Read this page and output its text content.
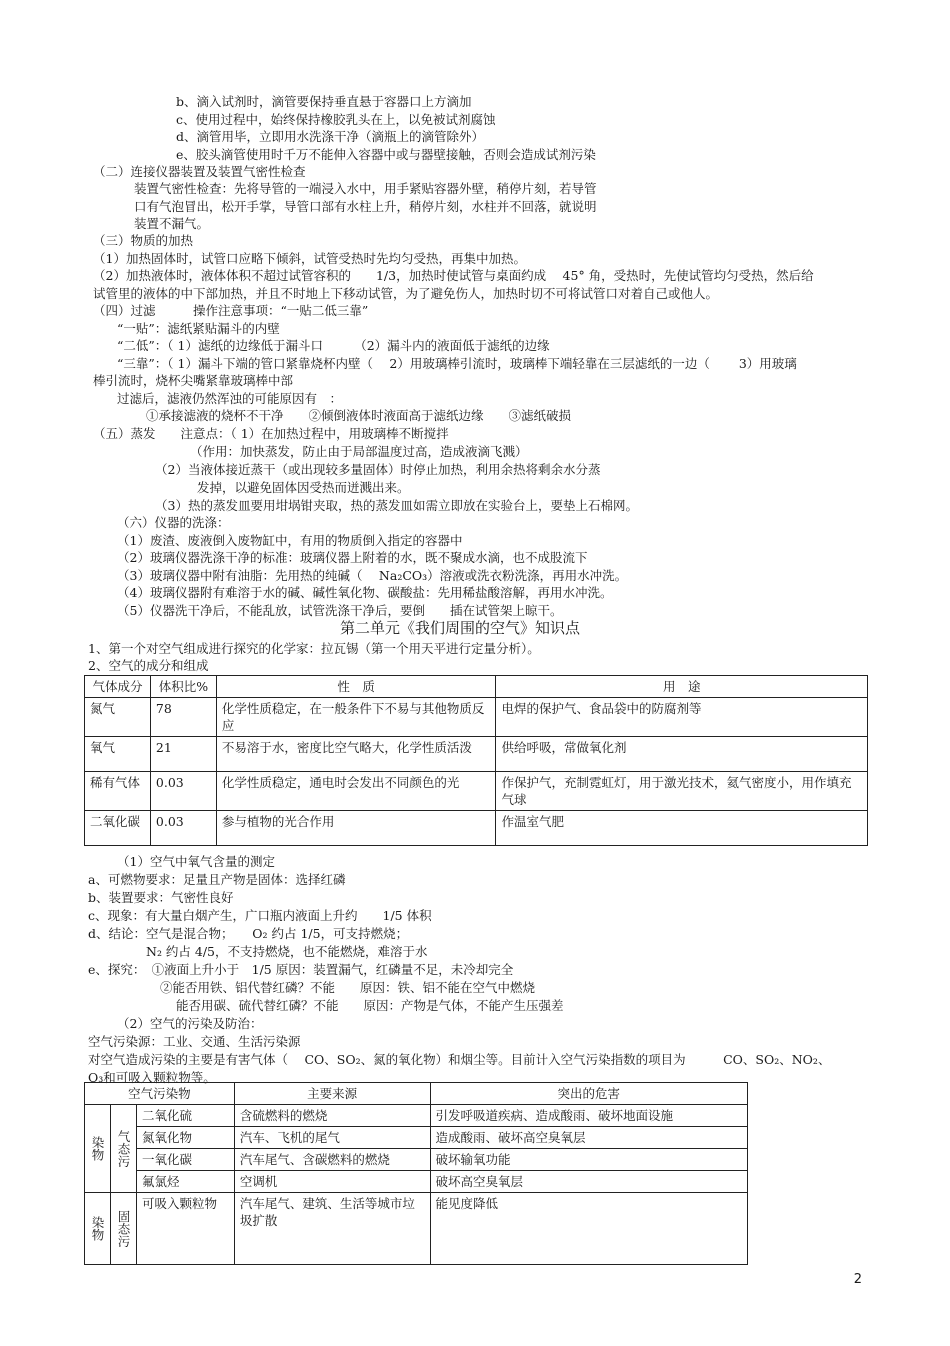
b、滴入试剂时，滴管要保持垂直悬于容器口上方滴加
c、使用过程中，始终保持橡胶乳头在上，以免被试剂腐蚀
d、滴管用毕，立即用水洗涤干净（滴瓶上的滴管除外）
e、胶头滴管使用时千万不能伸入容器中或与器壁接触，否则会造成试剂污染
（二）连接仪器装置及装置气密性检查
装置气密性检查：先将导管的一端浸入水中，用手紧贴容器外壁，稍停片刻，若导管
口有气泡冒出，松开手掌，导管口部有水柱上升，稍停片刻，水柱并不回落，就说明
装置不漏气。
（三）物质的加热
（1）加热固体时，试管口应略下倾斜，试管受热时先均匀受热，再集中加热。
（2）加热液体时，液体体积不超过试管容积的　　1/3，加热时使试管与桌面约成　 45° 角，受热时，先使试管均匀受热，然后给
试管里的液体的中下部加热，并且不时地上下移动试管，为了避免伤人，加热时切不可将试管口对着自己或他人。
（四）过滤　　　操作注意事项：“一贴二低三靠”
“一贴”：滤纸紧贴漏斗的内壁
“二低”：（ 1）滤纸的边缘低于漏斗口　　　（2）漏斗内的液面低于滤纸的边缘
“三靠”：（ 1）漏斗下端的管口紧靠烧杯内壁（　 2）用玻璃棒引流时，玻璃棒下端轻靠在三层滤纸的一边（　　 3）用玻璃
棒引流时，烧杯尖嘴紧靠玻璃棒中部
过滤后，滤液仍然浑浊的可能原因有　：
①承接滤液的烧杯不干净　　②倾倒液体时液面高于滤纸边缘　　③滤纸破损
（五）蒸发　　注意点：（ 1）在加热过程中，用玻璃棒不断搅拌
（作用：加快蒸发，防止由于局部温度过高，造成液滴飞溅）
（2）当液体接近蒸干（或出现较多量固体）时停止加热，利用余热将剩余水分蒸
发掉，以避免固体因受热而迸溅出来。
（3）热的蒸发皿要用坩埚钳夹取，热的蒸发皿如需立即放在实验台上，要垫上石棉网。
（六）仪器的洗涤：
（1）废渣、废液倒入废物缸中，有用的物质倒入指定的容器中
（2）玻璃仪器洗涤干净的标准：玻璃仪器上附着的水，既不聚成水滴，也不成股流下
（3）玻璃仪器中附有油脂：先用热的纯碱（　 Na₂CO₃）溶液或洗衣粉洗涤，再用水冲洗。
（4）玻璃仪器附有难溶于水的碱、碱性氧化物、碳酸盐：先用稀盐酸溶解，再用水冲洗。
（5）仪器洗干净后，不能乱放，试管洗涤干净后，要倒　　插在试管架上晾干。
第二单元《我们周围的空气》知识点
1、第一个对空气组成进行探究的化学家：拉瓦锡（第一个用天平进行定量分析）。
2、空气的成分和组成
气体成分	体积比%	性　质	用　途
氮气	78	化学性质稳定，在一般条件下不易与其他物质反应	电焊的保护气、食品袋中的防腐剂等
氧气	21	不易溶于水，密度比空气略大，化学性质活泼	供给呼吸，常做氧化剂
稀有气体	0.03	化学性质稳定，通电时会发出不同颜色的光	作保护气，充制霓虹灯，用于激光技术，氦气密度小，用作填充气球
二氧化碳	0.03	参与植物的光合作用	作温室气肥
（1）空气中氧气含量的测定
a、可燃物要求：足量且产物是固体：选择红磷
b、装置要求：气密性良好
c、现象：有大量白烟产生，广口瓶内液面上升约　　1/5 体积
d、结论：空气是混合物；　　O₂ 约占 1/5，可支持燃烧；
N₂ 约占 4/5，不支持燃烧，也不能燃烧，难溶于水
e、探究：　①液面上升小于　1/5 原因：装置漏气，红磷量不足，未冷却完全
②能否用铁、铝代替红磷？不能　　原因：铁、铝不能在空气中燃烧
能否用碳、硫代替红磷？不能　　原因：产物是气体，不能产生压强差
（2）空气的污染及防治：
空气污染源：工业、交通、生活污染源
对空气造成污染的主要是有害气体（　 CO、SO₂、氮的氧化物）和烟尘等。目前计入空气污染指数的项目为　　　CO、SO₂、NO₂、
O₃和可吸入颗粒物等。
空气污染物			主要来源	突出的危害
染物	气态污	二氧化硫	含硫燃料的燃烧	引发呼吸道疾病、造成酸雨、破坏地面设施
		氮氧化物	汽车、飞机的尾气	造成酸雨、破坏高空臭氧层
		一氧化碳	汽车尾气、含碳燃料的燃烧	破坏输氧功能
		氟氯烃	空调机	破坏高空臭氧层
染物	固态污	可吸入颗粒物	汽车尾气、建筑、生活等城市垃圾扩散	能见度降低
2
